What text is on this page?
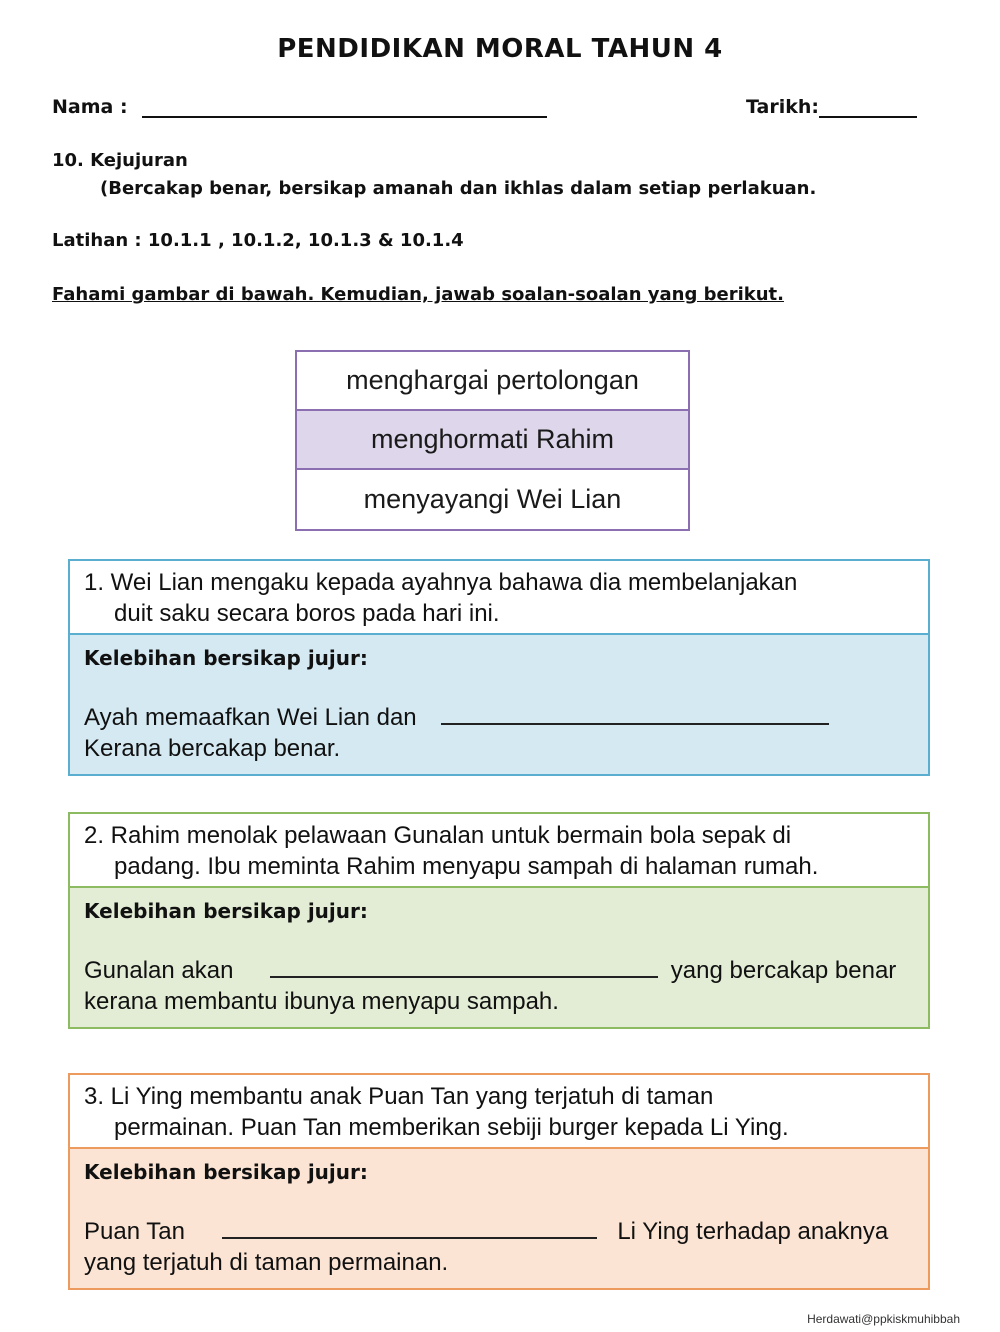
PENDIDIKAN MORAL TAHUN 4
Nama :	Tarikh:
10. Kejujuran
(Bercakap benar, bersikap amanah dan ikhlas dalam setiap perlakuan.
Latihan : 10.1.1 , 10.1.2, 10.1.3 & 10.1.4
Fahami gambar di bawah. Kemudian, jawab soalan-soalan yang berikut.
menghargai pertolongan
menghormati Rahim
menyayangi Wei Lian
1. Wei Lian mengaku kepada ayahnya bahawa dia membelanjakan
duit saku secara boros pada hari ini.
Kelebihan bersikap jujur:
Ayah memaafkan Wei Lian dan
Kerana bercakap benar.
2. Rahim menolak pelawaan Gunalan untuk bermain bola sepak di
padang. Ibu meminta Rahim menyapu sampah di halaman rumah.
Kelebihan bersikap jujur:
Gunalan akan	yang bercakap benar
kerana membantu ibunya menyapu sampah.
3. Li Ying membantu anak Puan Tan yang terjatuh di taman
permainan. Puan Tan memberikan sebiji burger kepada Li Ying.
Kelebihan bersikap jujur:
Puan Tan	Li Ying terhadap anaknya
yang terjatuh di taman permainan.
Herdawati@ppkiskmuhibbah
